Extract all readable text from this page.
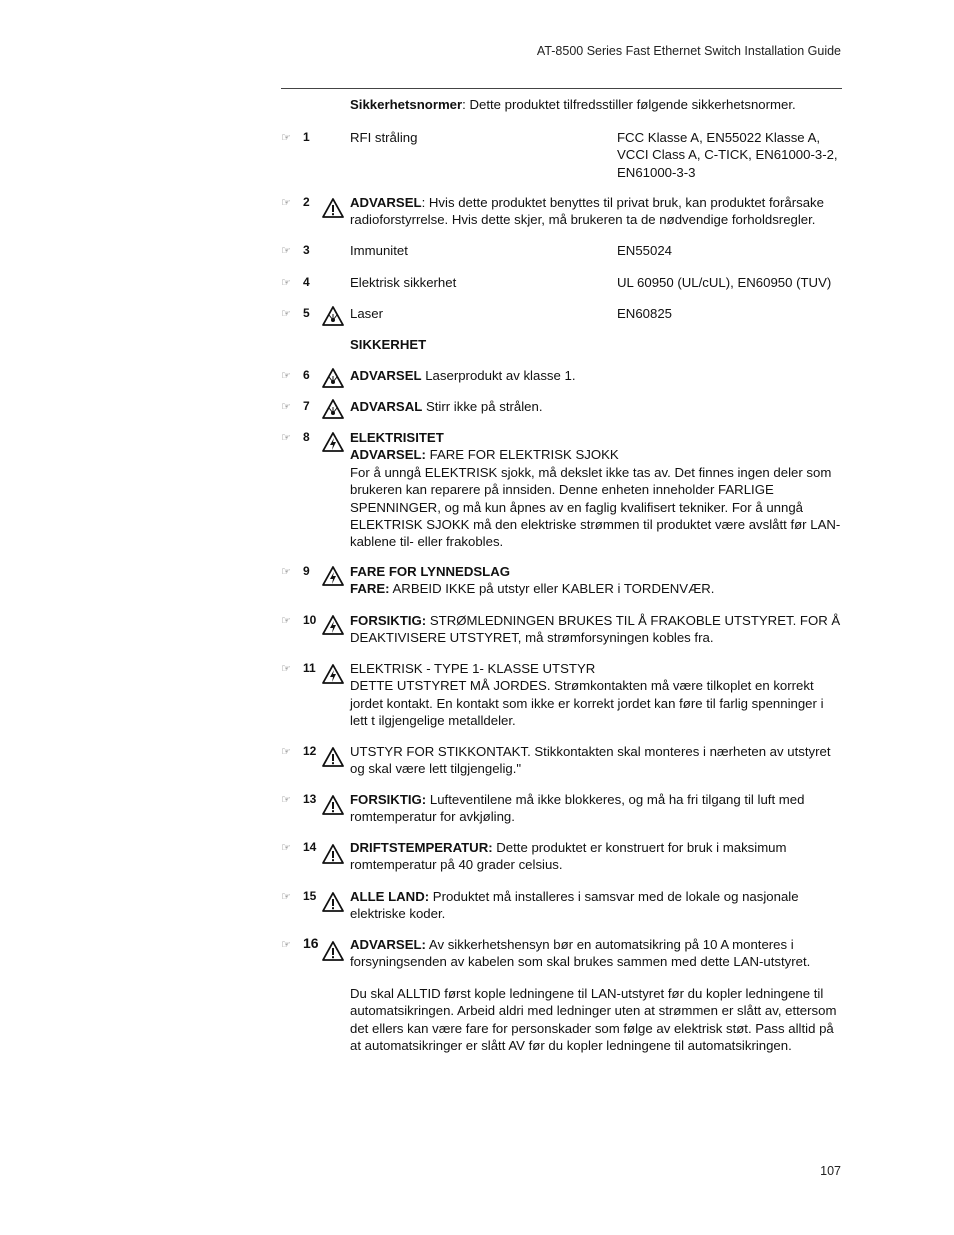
AT-8500 Series Fast Ethernet Switch Installation Guide
Sikkerhetsnormer: Dette produktet tilfredsstiller følgende sikkerhetsnormer.
☞ 1	RFI stråling	FCC Klasse A, EN55022 Klasse A, VCCI Class A, C-TICK, EN61000-3-2, EN61000-3-3
☞ 2	ADVARSEL: Hvis dette produktet benyttes til privat bruk, kan produktet forårsake radioforstyrrelse. Hvis dette skjer, må brukeren ta de nødvendige forholdsregler.
☞ 3	Immunitet	EN55024
☞ 4	Elektrisk sikkerhet	UL 60950 (UL/cUL), EN60950 (TUV)
☞ 5	Laser	EN60825
SIKKERHET
☞ 6	ADVARSEL Laserprodukt av klasse 1.
☞ 7	ADVARSAL Stirr ikke på strålen.
☞ 8	ELEKTRISITET
ADVARSEL: FARE FOR ELEKTRISK SJOKK
For å unngå ELEKTRISK sjokk, må dekslet ikke tas av. Det finnes ingen deler som brukeren kan reparere på innsiden. Denne enheten inneholder FARLIGE SPENNINGER, og må kun åpnes av en faglig kvalifisert tekniker. For å unngå ELEKTRISK SJOKK må den elektriske strømmen til produktet være avslått før LAN-kablene til- eller frakobles.
☞ 9	FARE FOR LYNNEDSLAG
FARE: ARBEID IKKE på utstyr eller KABLER i TORDENVÆR.
☞ 10	FORSIKTIG: STRØMLEDNINGEN BRUKES TIL Å FRAKOBLE UTSTYRET. FOR Å DEAKTIVISERE UTSTYRET, må strømforsyningen kobles fra.
☞ 11	ELEKTRISK - TYPE 1- KLASSE UTSTYR
DETTE UTSTYRET MÅ JORDES. Strømkontakten må være tilkoplet en korrekt jordet kontakt. En kontakt som ikke er korrekt jordet kan føre til farlig spenninger i lett t ilgjengelige metalldeler.
☞ 12	UTSTYR FOR STIKKONTAKT. Stikkontakten skal monteres i nærheten av utstyret og skal være lett tilgjengelig."
☞ 13	FORSIKTIG: Lufteventilene må ikke blokkeres, og må ha fri tilgang til luft med romtemperatur for avkjøling.
☞ 14	DRIFTSTEMPERATUR: Dette produktet er konstruert for bruk i maksimum romtemperatur på 40 grader celsius.
☞ 15	ALLE LAND: Produktet må installeres i samsvar med de lokale og nasjonale elektriske koder.
☞ 16 ADVARSEL: Av sikkerhetshensyn bør en automatsikring på 10 A monteres i forsyningsenden av kabelen som skal brukes sammen med dette LAN-utstyret.
Du skal ALLTID først kople ledningene til LAN-utstyret før du kopler ledningene til automatsikringen. Arbeid aldri med ledninger uten at strømmen er slått av, ettersom det ellers kan være fare for personskader som følge av elektrisk støt. Pass alltid på at automatsikringer er slått AV før du kopler ledningene til automatsikringen.
107
